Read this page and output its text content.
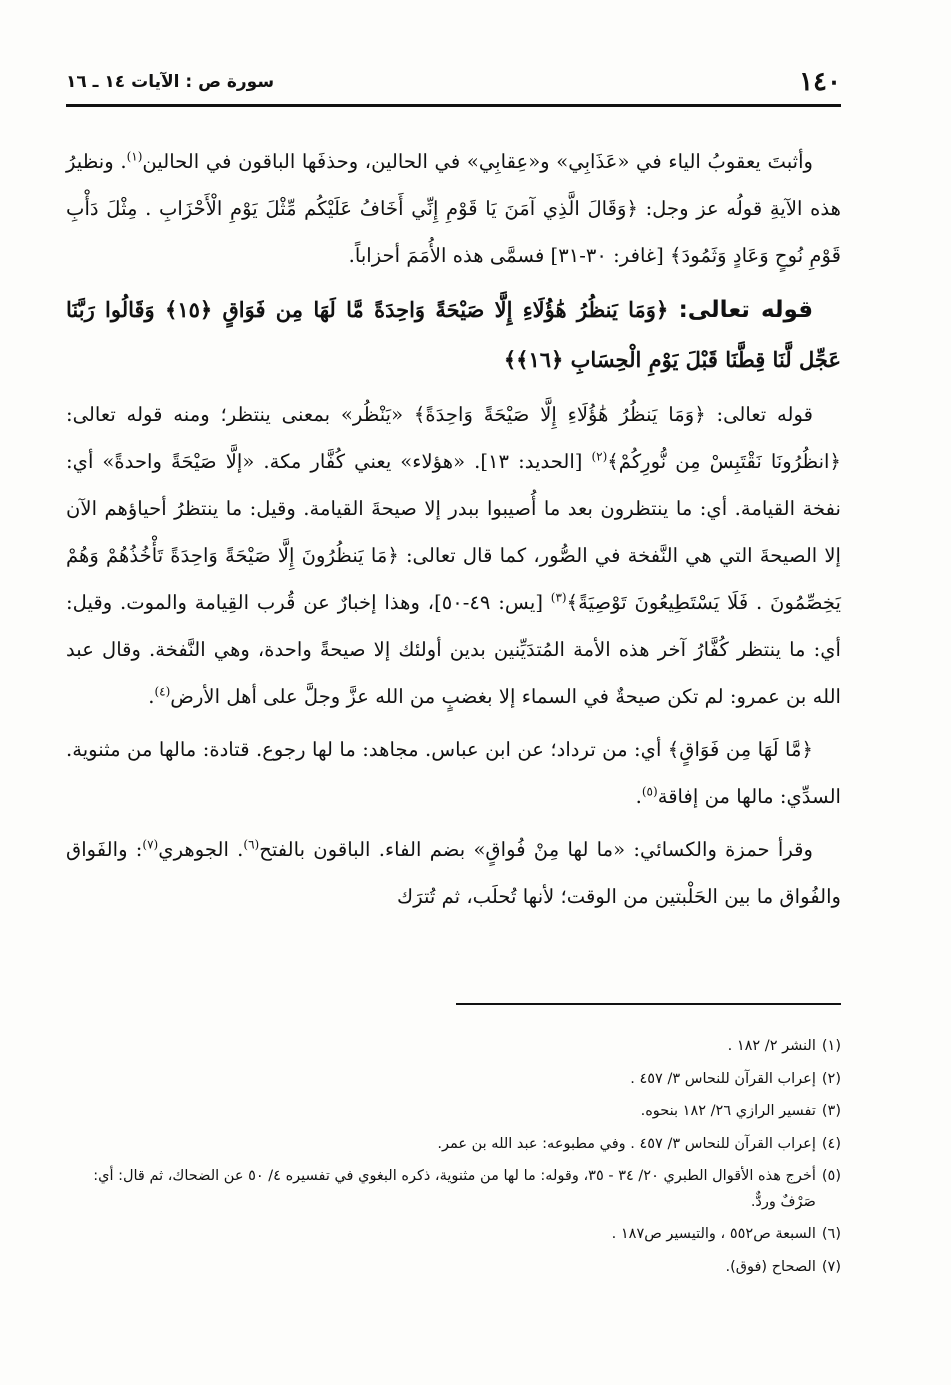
١٤٠
سورة ص : الآيات ١٤ ـ ١٦

وأثبتَ يعقوبُ الياء في «عَذَابِي» و«عِقابِي» في الحالين، وحذفَها الباقون في الحالين$^{(١)}$. ونظيرُ هذه الآيةِ قولُه عز وجل: ﴿وَقَالَ الَّذِي آمَنَ يَا قَوْمِ إِنِّي أَخَافُ عَلَيْكُم مِّثْلَ يَوْمِ الْأَحْزَابِ . مِثْلَ دَأْبِ قَوْمِ نُوحٍ وَعَادٍ وَثَمُودَ﴾ [غافر: ٣٠-٣١] فسمَّى هذه الأُمَمَ أحزاباً.

قوله تعالى: ﴿وَمَا يَنظُرُ هَٰؤُلَاءِ إِلَّا صَيْحَةً وَاحِدَةً مَّا لَهَا مِن فَوَاقٍ ﴿١٥﴾ وَقَالُوا رَبَّنَا عَجِّل لَّنَا قِطَّنَا قَبْلَ يَوْمِ الْحِسَابِ ﴿١٦﴾﴾

قوله تعالى: ﴿وَمَا يَنظُرُ هَٰؤُلَاءِ إِلَّا صَيْحَةً وَاحِدَةً﴾ «يَنْظُر» بمعنى ينتظر؛ ومنه قوله تعالى: ﴿انظُرُونَا نَقْتَبِسْ مِن نُّورِكُمْ﴾$^{(٢)}$ [الحديد: ١٣]. «هؤلاء» يعني كُفَّار مكة. «إلَّا صَيْحَةً واحدةً» أي: نفخة القيامة. أي: ما ينتظرون بعد ما أُصيبوا ببدر إلا صيحةَ القيامة. وقيل: ما ينتظرُ أحياؤهم الآن إلا الصيحةَ التي هي النَّفخة في الصُّور، كما قال تعالى: ﴿مَا يَنظُرُونَ إِلَّا صَيْحَةً وَاحِدَةً تَأْخُذُهُمْ وَهُمْ يَخِصِّمُونَ . فَلَا يَسْتَطِيعُونَ تَوْصِيَةً﴾$^{(٣)}$ [يس: ٤٩-٥٠]، وهذا إخبارٌ عن قُرب القِيامة والموت. وقيل: أي: ما ينتظر كُفَّارُ آخر هذه الأمة المُتدَيِّنين بدين أولئك إلا صيحةً واحدة، وهي النَّفخة. وقال عبد الله بن عمرو: لم تكن صيحةٌ في السماء إلا بغضبٍ من الله عزَّ وجلَّ على أهل الأرض$^{(٤)}$.

﴿مَّا لَهَا مِن فَوَاقٍ﴾ أي: من ترداد؛ عن ابن عباس. مجاهد: ما لها رجوع. قتادة: مالها من مثنوية. السدِّي: مالها من إفاقة$^{(٥)}$.

وقرأ حمزة والكسائي: «ما لها مِنْ فُواقٍ» بضم الفاء. الباقون بالفتح$^{(٦)}$. الجوهري$^{(٧)}$: والفَواق والفُواق ما بين الحَلْبتين من الوقت؛ لأنها تُحلَب، ثم تُترَك

(١)
النشر ٢/ ١٨٢ .
(٢)
إعراب القرآن للنحاس ٣/ ٤٥٧ .
(٣)
تفسير الرازي ٢٦/ ١٨٢ بنحوه.
(٤)
إعراب القرآن للنحاس ٣/ ٤٥٧ . وفي مطبوعه: عبد الله بن عمر.
(٥)
أخرج هذه الأقوال الطبري ٢٠/ ٣٤ - ٣٥، وقوله: ما لها من مثنوية، ذكره البغوي في تفسيره ٤/ ٥٠ عن الضحاك، ثم قال: أي: صَرْفٌ وردٌّ.
(٦)
السبعة ص٥٥٢ ، والتيسير ص١٨٧ .
(٧)
الصحاح (فوق).
